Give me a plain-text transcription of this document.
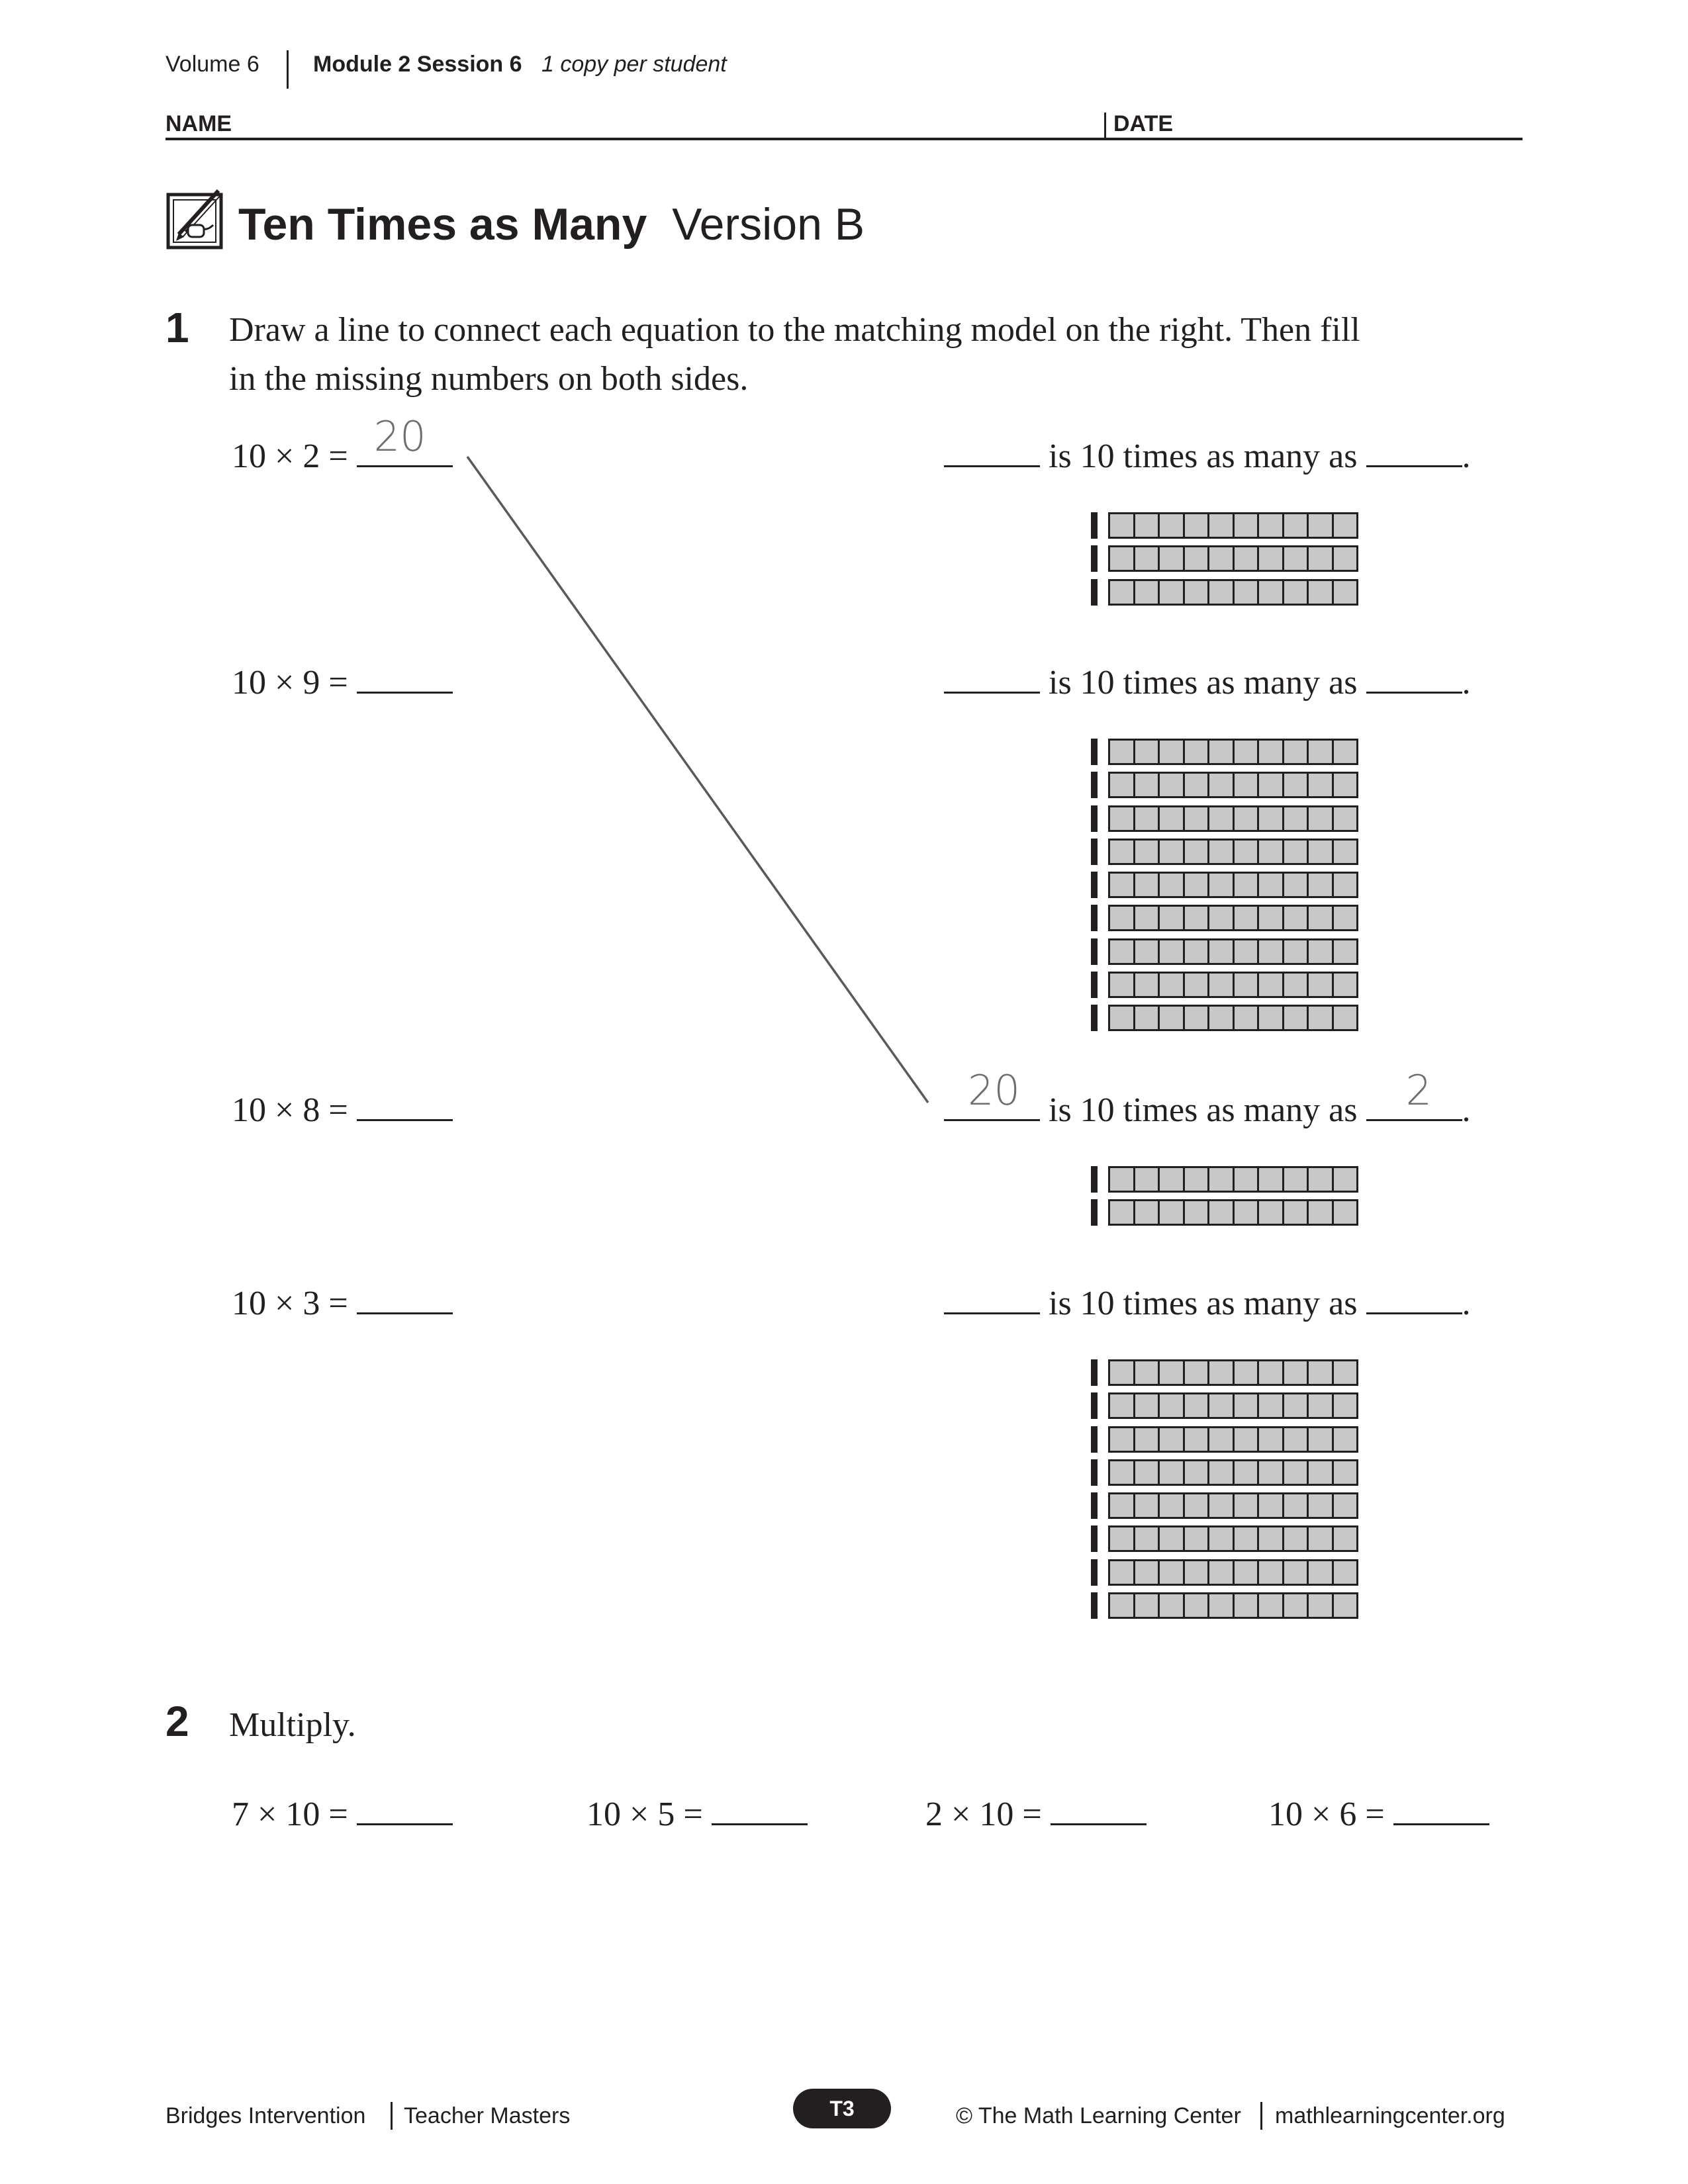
Volume 6 Module 2 Session 6 1 copy per student
NAME	DATE
Ten Times as Many Version B
1 Draw a line to connect each equation to the matching model on the right. Then fill
in the missing numbers on both sides.
10 × 2 = 20
10 × 9 =
10 × 8 =
10 × 3 =
is 10 times as many as	.
is 10 times as many as	.
20 is 10 times as many as 2 .
is 10 times as many as	.
2 Multiply.
7 × 10 =	10 × 5 =	2 × 10 =	10 × 6 =
Bridges Intervention Teacher Masters	T3	© The Math Learning Center mathlearningcenter.org
